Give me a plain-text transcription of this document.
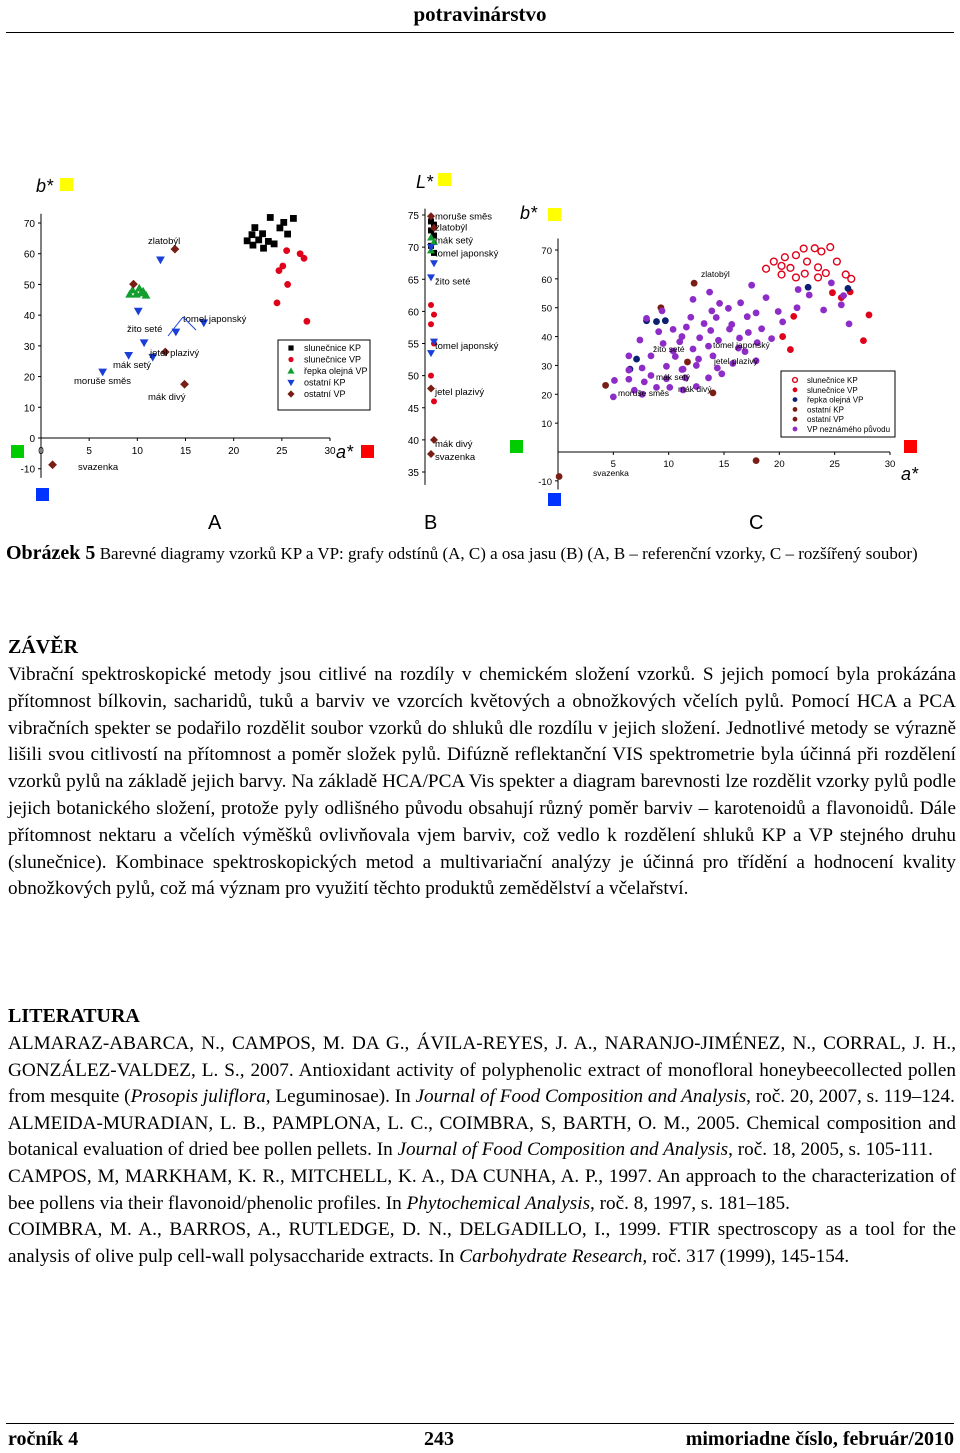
potravinárstvo
-10
0
10
20
30
40
50
60
70
0	5	10	15	20	25	30
b*
a*
zlatobýl
žito seté
tomel japonský
jetel plazivý
mák setý
moruše směs
mák divý
svazenka
slunečnice KP
slunečnice VP
řepka olejná VP
ostatní KP
ostatní VP
35
40
45
50
55
60
65
70
75
L*
moruše směs
zlatobýl
mák setý
tomel japonský
žito seté
tomel japonský
jetel plazivý
mák divý
svazenka
-10
10
20
30
40
50
60
70
5	10	15	20	25	30
b*
a*
zlatobýl
tomel japonský
žito seté
jetel plazivý
mák setý
mák divý
moruše směs
svazenka
slunečnice KP
slunečnice VP
řepka olejná VP
ostatní KP
ostatní VP
VP neznámého původu
A	B	C
Obrázek 5 Barevné diagramy vzorků KP a VP: grafy odstínů (A, C) a osa jasu (B) (A, B – referenční vzorky, C – rozšířený soubor)
ZÁVĚR
Vibrační spektroskopické metody jsou citlivé na rozdíly v chemickém složení vzorků. S jejich pomocí byla prokázána přítomnost bílkovin, sacharidů, tuků a barviv ve vzorcích květových a obnožkových včelích pylů. Pomocí HCA a PCA vibračních spekter se podařilo rozdělit soubor vzorků do shluků dle rozdílu v jejich složení. Jednotlivé metody se výrazně lišili svou citlivostí na přítomnost a poměr složek pylů. Difúzně reflektanční VIS spektrometrie byla účinná při rozdělení vzorků pylů na základě jejich barvy. Na základě HCA/PCA Vis spekter a diagram barevnosti lze rozdělit vzorky pylů podle jejich botanického složení, protože pyly odlišného původu obsahují různý poměr barviv – karotenoidů a flavonoidů. Dále přítomnost nektaru a včelích výměšků ovlivňovala vjem barviv, což vedlo k rozdělení shluků KP a VP stejného druhu (slunečnice). Kombinace spektroskopických metod a multivariační analýzy je účinná pro třídění a hodnocení kvality obnožkových pylů, což má význam pro využití těchto produktů zemědělství a včelařství.
LITERATURA

ALMARAZ-ABARCA, N., CAMPOS, M. DA G., ÁVILA-REYES, J. A., NARANJO-JIMÉNEZ, N., CORRAL, J. H., GONZÁLEZ-VALDEZ, L. S., 2007. Antioxidant activity of polyphenolic extract of monofloral honeybeecollected pollen from mesquite (Prosopis juliflora, Leguminosae). In Journal of Food Composition and Analysis, roč. 20, 2007, s. 119–124.

ALMEIDA-MURADIAN, L. B., PAMPLONA, L. C., COIMBRA, S, BARTH, O. M., 2005. Chemical composition and botanical evaluation of dried bee pollen pellets. In Journal of Food Composition and Analysis, roč. 18, 2005, s. 105-111.

CAMPOS, M, MARKHAM, K. R., MITCHELL, K. A., DA CUNHA, A. P., 1997. An approach to the characterization of bee pollens via their flavonoid/phenolic profiles. In Phytochemical Analysis, roč. 8, 1997, s. 181–185.

COIMBRA, M. A., BARROS, A., RUTLEDGE, D. N., DELGADILLO, I., 1999. FTIR spectroscopy as a tool for the analysis of olive pulp cell-wall polysaccharide extracts. In Carbohydrate Research, roč. 317 (1999), 145-154.

ročník 4	243	mimoriadne číslo, február/2010
